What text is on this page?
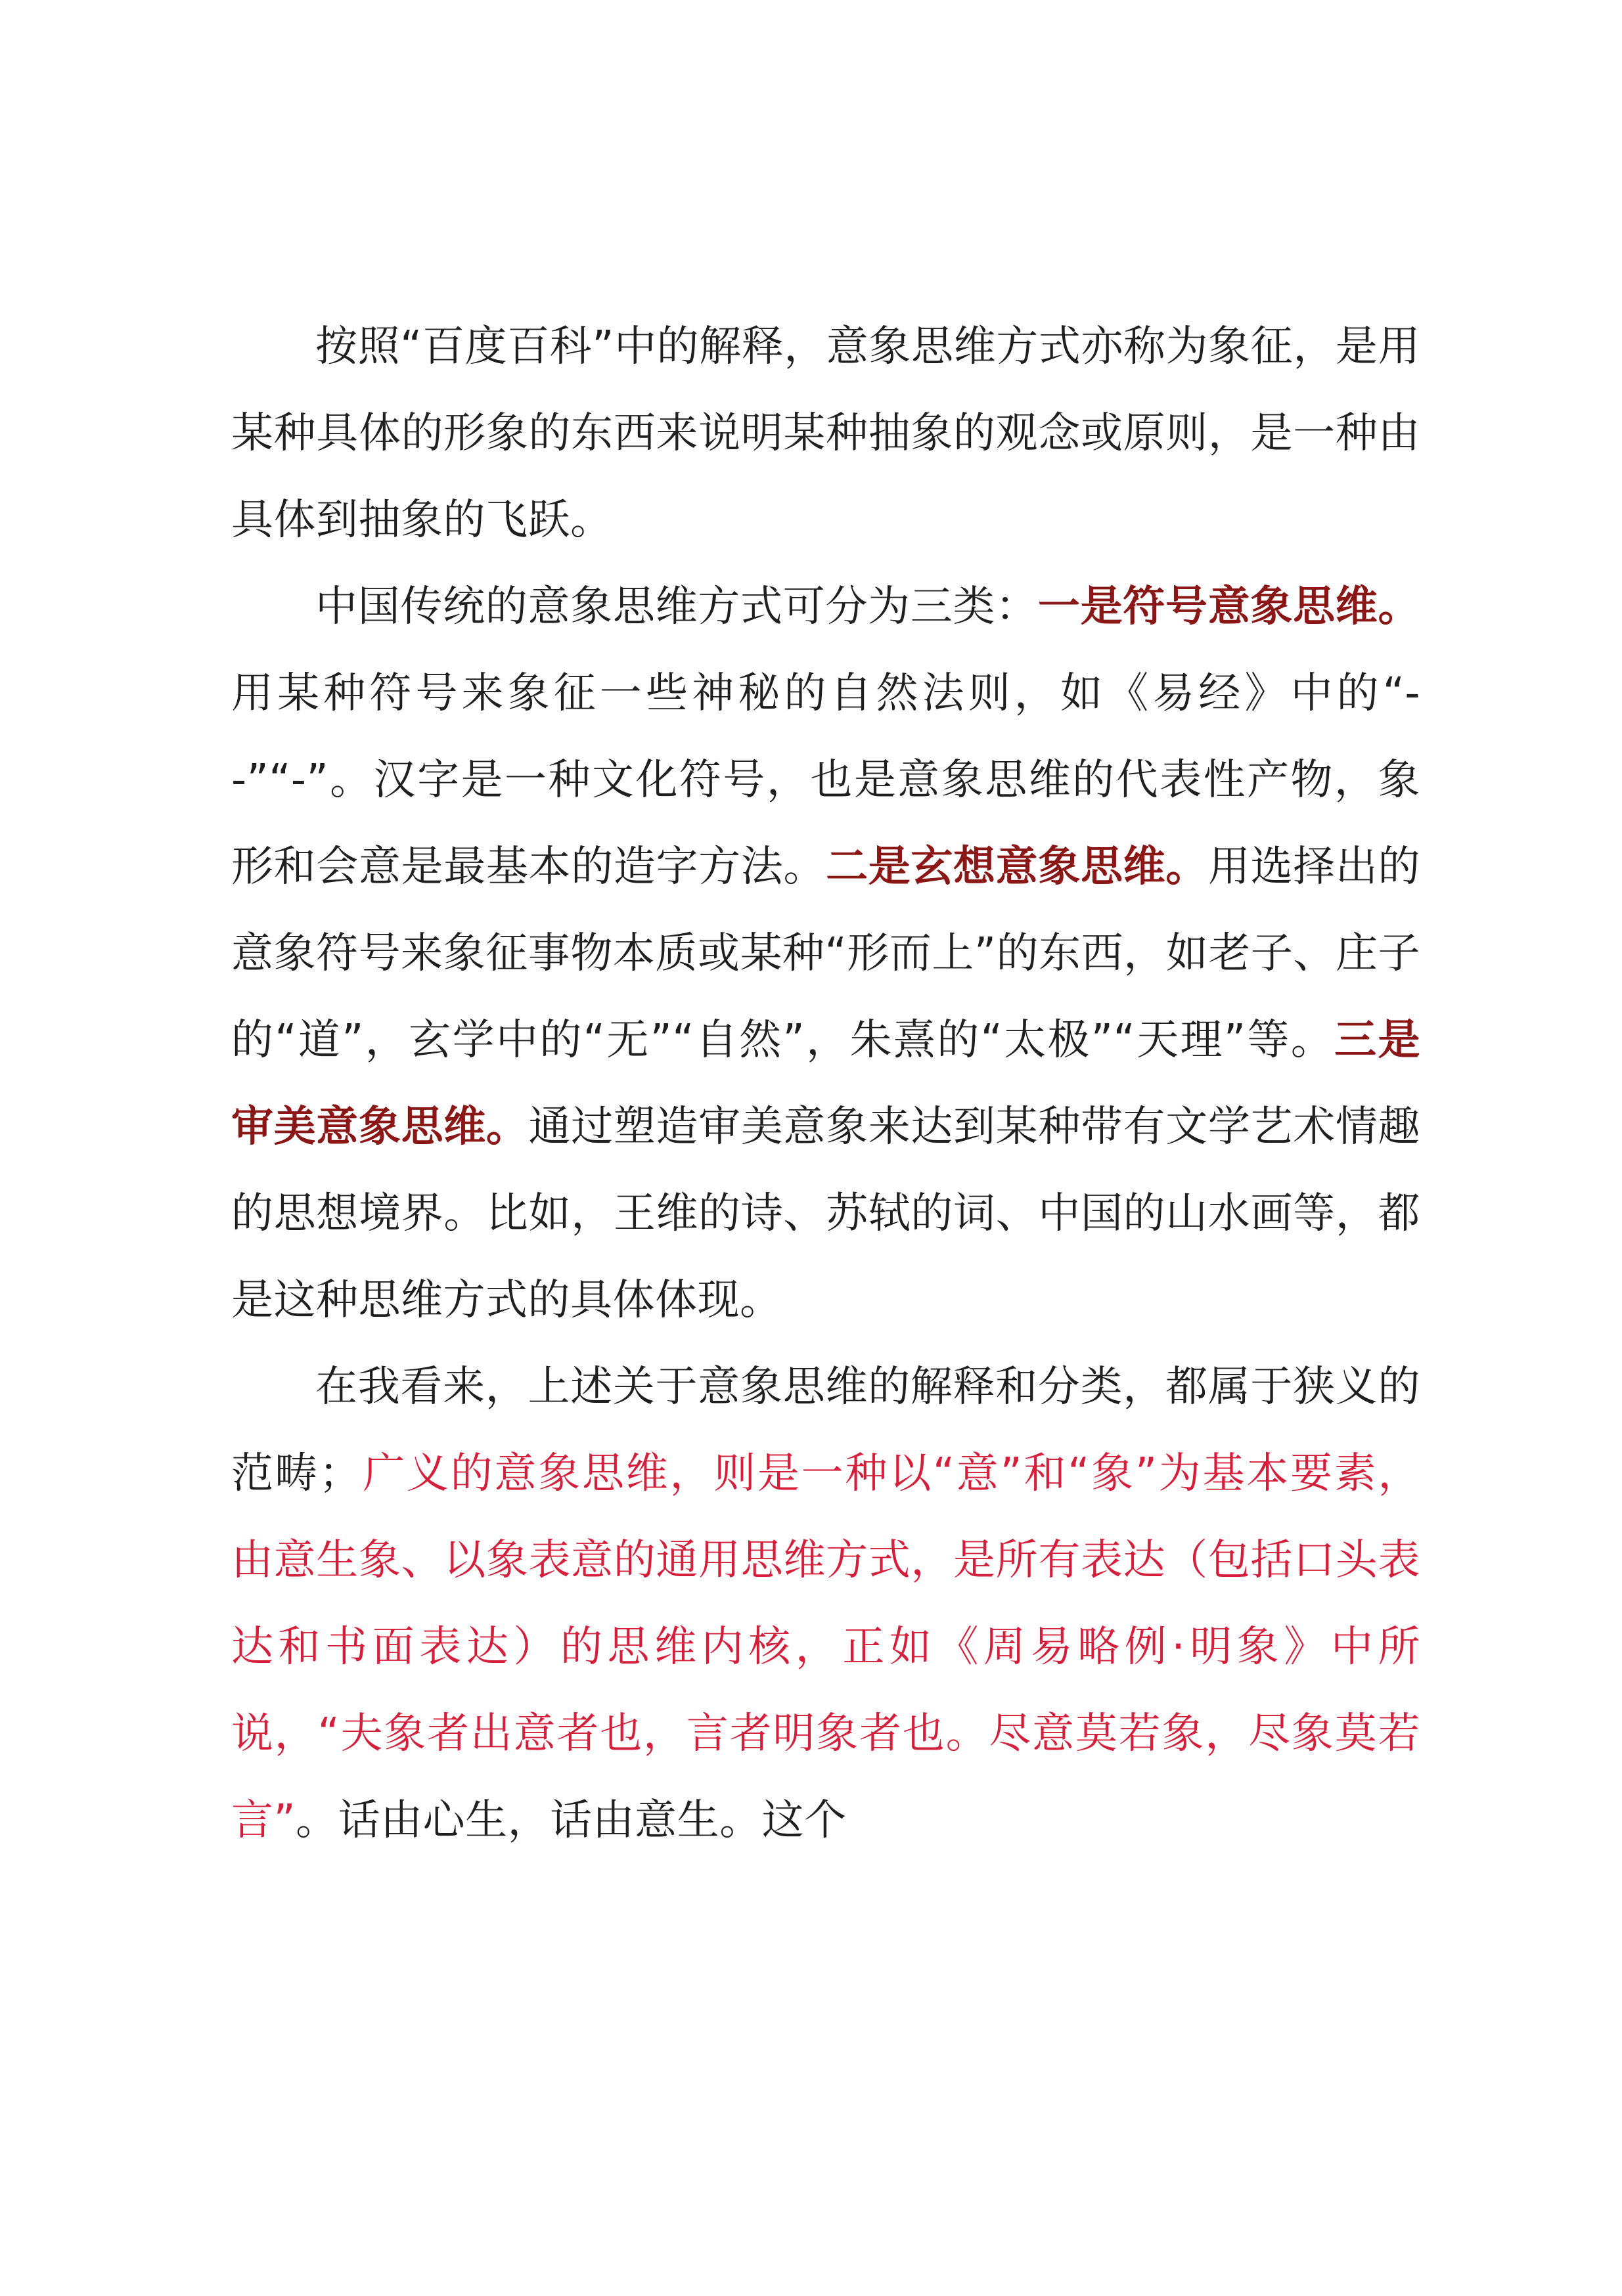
按照“百度百科”中的解释，意象思维方式亦称为象征，是用某种具体的形象的东西来说明某种抽象的观念或原则，是一种由具体到抽象的飞跃。

中国传统的意象思维方式可分为三类：一是符号意象思维。用某种符号来象征一些神秘的自然法则，如《易经》中的“--”“-”。汉字是一种文化符号，也是意象思维的代表性产物，象形和会意是最基本的造字方法。二是玄想意象思维。用选择出的意象符号来象征事物本质或某种“形而上”的东西，如老子、庄子的“道”，玄学中的“无”“自然”，朱熹的“太极”“天理”等。三是审美意象思维。通过塑造审美意象来达到某种带有文学艺术情趣的思想境界。比如，王维的诗、苏轼的词、中国的山水画等，都是这种思维方式的具体体现。

在我看来，上述关于意象思维的解释和分类，都属于狭义的范畴；广义的意象思维，则是一种以“意”和“象”为基本要素，由意生象、以象表意的通用思维方式，是所有表达（包括口头表达和书面表达）的思维内核，正如《周易略例·明象》中所说，“夫象者出意者也，言者明象者也。尽意莫若象，尽象莫若言”。话由心生，话由意生。这个
